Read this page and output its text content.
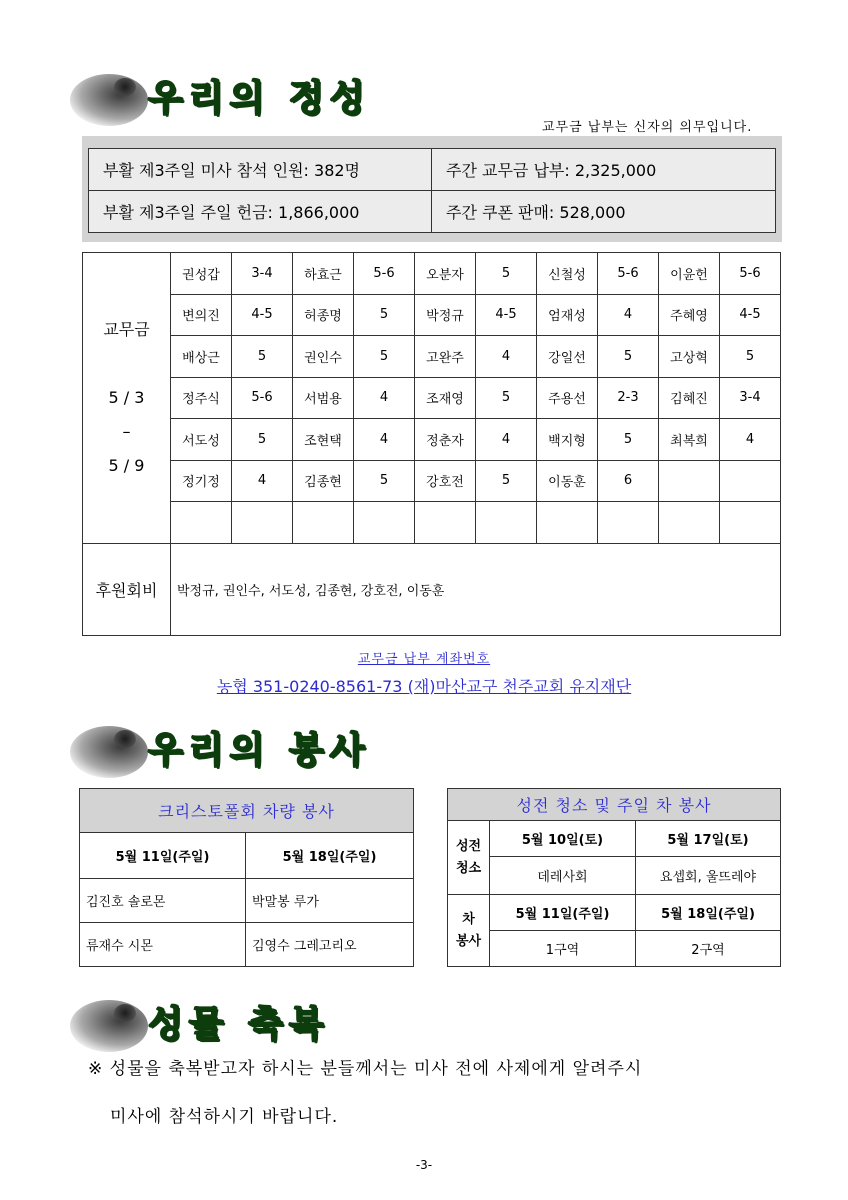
우리의 정성
교무금 납부는 신자의 의무입니다.
부활 제3주일 미사 참석 인원: 382명	주간 교무금 납부: 2,325,000
부활 제3주일 주일 헌금: 1,866,000	주간 쿠폰 판매: 528,000
교무금

5 / 3
–
5 / 9	권성갑	3-4	하효근	5-6	오분자	5	신철성	5-6	이윤헌	5-6
	변의진	4-5	허종명	5	박정규	4-5	엄재성	4	주혜영	4-5
	배상근	5	권인수	5	고완주	4	강일선	5	고상혁	5
	정주식	5-6	서범용	4	조재영	5	주용선	2-3	김혜진	3-4
	서도성	5	조현택	4	정춘자	4	백지형	5	최복희	4
	정기정	4	김종현	5	강호전	5	이동훈	6		

후원회비	박정규, 권인수, 서도성, 김종현, 강호전, 이동훈									
교무금 납부 계좌번호
농협 351-0240-8561-73 (재)마산교구 천주교회 유지재단
우리의 봉사
크리스토폴회 차량 봉사	
5월 11일(주일)	5월 18일(주일)
김진호 솔로몬	박말봉 루가
류재수 시몬	김영수 그레고리오
성전 청소 및 주일 차 봉사		

성전
청소	5월 10일(토)	5월 17일(토)
	데레사회	요셉회, 울뜨레야

차
봉사	5월 11일(주일)	5월 18일(주일)
	1구역	2구역
성물 축복
※ 성물을 축복받고자 하시는 분들께서는 미사 전에 사제에게 알려주시
미사에 참석하시기 바랍니다.
-3-
